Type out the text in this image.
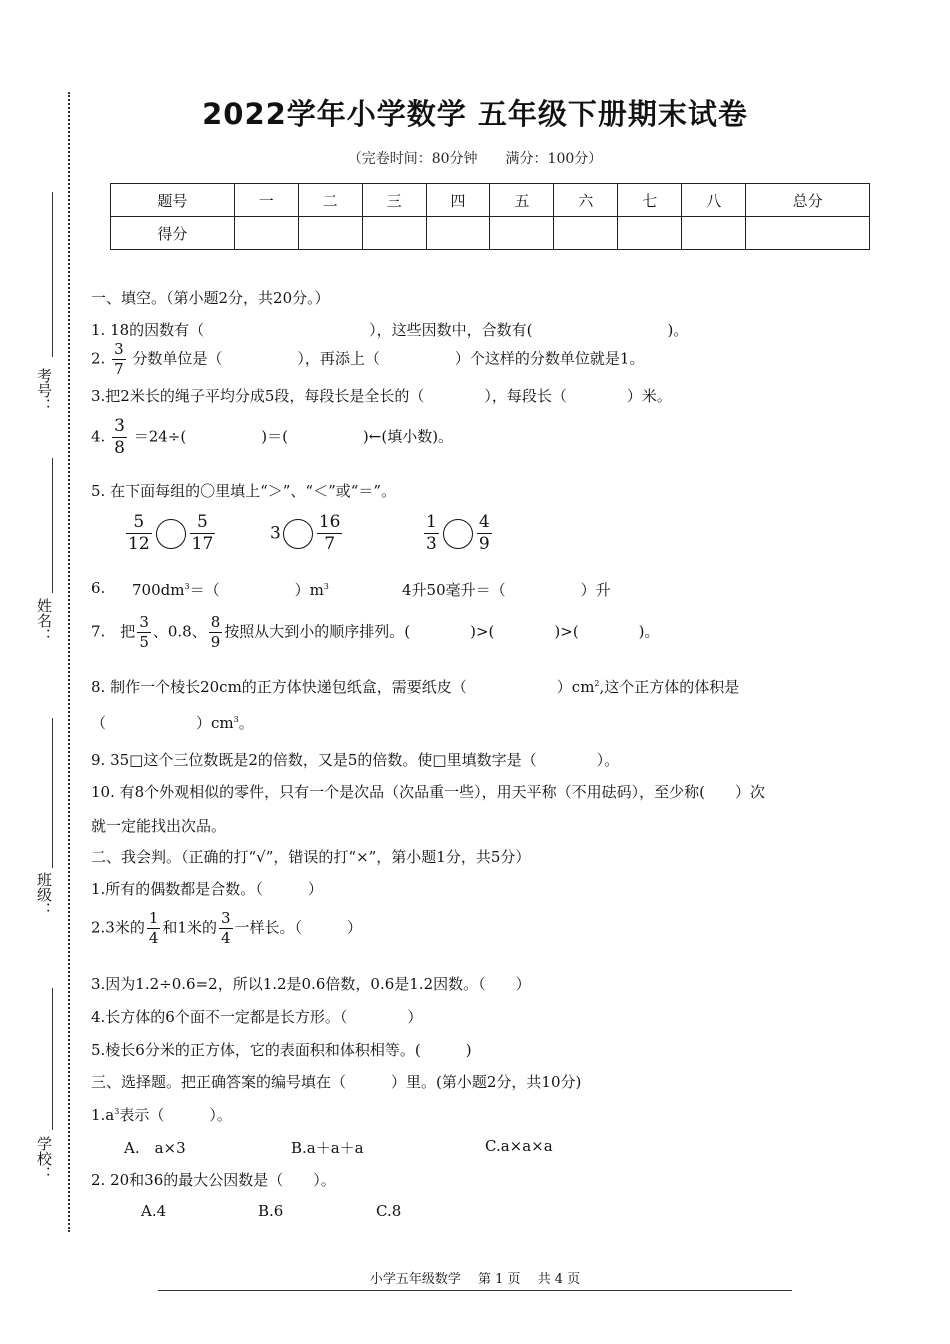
考号：
姓名：
班级：
学校：
2022学年小学数学 五年级下册期末试卷
（完卷时间：80分钟　　满分：100分）
题号	一	二	三	四	五	六	七	八	总分
得分									
一、填空。（第小题2分，共20分。）
1. 18的因数有（　　　　　　　　　　　），这些因数中，合数有(　　　　　　　　　)。
2. $\frac{3}{7}$ 分数单位是（　　　　　），再添上（　　　　　）个这样的分数单位就是1。
3.把2米长的绳子平均分成5段，每段长是全长的（　　　　），每段长（　　　　）米。
4. $\frac{3}{8} =24\div$(　　　　　)＝(　　　　　)←(填小数)。
5. 在下面每组的〇里填上“＞”、“＜”或“＝”。
$\frac{5}{12} \frac{5}{17}$	$3 \frac{16}{7}$	$\frac{1}{3} \frac{4}{9}$
6. $700dm^3=$（　　　　　）$m^3$	4升50毫升＝（　　　　　）升
7.　把 $\frac{3}{5}$ 、0.8、 $\frac{8}{9}$ 按照从大到小的顺序排列。(　　　　)>(　　　　)>(　　　　)。
8. 制作一个棱长20cm的正方体快递包纸盒，需要纸皮（　　　　　　）$cm^2$,这个正方体的体积是
（　　　　　　）$cm^3$。
9. 35□这个三位数既是2的倍数，又是5的倍数。使□里填数字是（　　　　）。
10. 有8个外观相似的零件，只有一个是次品（次品重一些），用天平称（不用砝码），至少称(　　）次
就一定能找出次品。
二、我会判。（正确的打“√”，错误的打“×”，第小题1分，共5分）
1.所有的偶数都是合数。（　　　）
2.3米的 $\frac{1}{4}$ 和1米的 $\frac{3}{4}$ 一样长。（　　　）
3.因为1.2÷0.6=2，所以1.2是0.6倍数，0.6是1.2因数。（　　）
4.长方体的6个面不一定都是长方形。（　　　　）
5.棱长6分米的正方体，它的表面积和体积相等。(　　　)
三、选择题。把正确答案的编号填在（　　　）里。(第小题2分，共10分)
$1.a^3$表示（　　　）。
A.　a×3	B.a＋a＋a	C.a×a×a
2. 20和36的最大公因数是（　　）。
A.4	B.6	C.8
小学五年级数学　 第 1 页　 共 4 页
